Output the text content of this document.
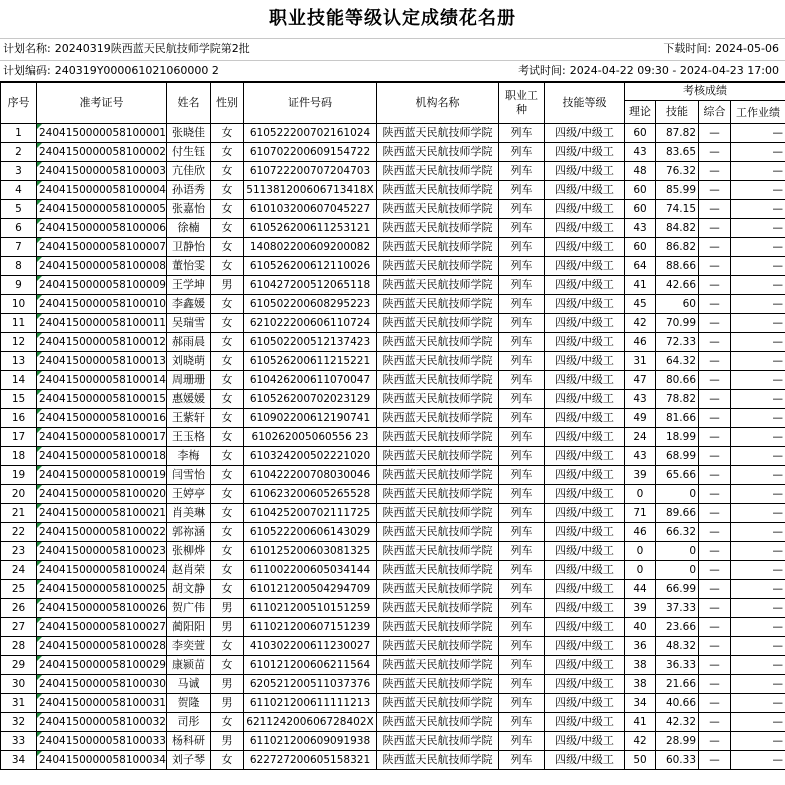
职业技能等级认定成绩花名册
计划名称: 20240319陕西蓝天民航技师学院第2批	下载时间: 2024-05-06
计划编码: 240319Y000061021060000 2	考试时间: 2024-04-22 09:30 - 2024-04-23 17:00
序号	准考证号	姓名	性别	证件号码	机构名称	职业工种	技能等级	考核成绩			
								理论	技能	综合	工作业绩
1	2404150000058100001	张晓佳	女	610522200702161024	陕西蓝天民航技师学院	列车	四级/中级工	60	87.82	—	—
2	2404150000058100002	付生钰	女	610702200609154722	陕西蓝天民航技师学院	列车	四级/中级工	43	83.65	—	—
3	2404150000058100003	亢佳欣	女	610722200707204703	陕西蓝天民航技师学院	列车	四级/中级工	48	76.32	—	—
4	2404150000058100004	孙语秀	女	511381200606713418X	陕西蓝天民航技师学院	列车	四级/中级工	60	85.99	—	—
5	2404150000058100005	张嘉怡	女	610103200607045227	陕西蓝天民航技师学院	列车	四级/中级工	60	74.15	—	—
6	2404150000058100006	徐楠	女	610526200611253121	陕西蓝天民航技师学院	列车	四级/中级工	43	84.82	—	—
7	2404150000058100007	卫静怡	女	140802200609200082	陕西蓝天民航技师学院	列车	四级/中级工	60	86.82	—	—
8	2404150000058100008	董怡雯	女	610526200612110026	陕西蓝天民航技师学院	列车	四级/中级工	64	88.66	—	—
9	2404150000058100009	王学坤	男	610427200512065118	陕西蓝天民航技师学院	列车	四级/中级工	41	42.66	—	—
10	2404150000058100010	李鑫媛	女	610502200608295223	陕西蓝天民航技师学院	列车	四级/中级工	45	60	—	—
11	2404150000058100011	吴瑞雪	女	621022200606110724	陕西蓝天民航技师学院	列车	四级/中级工	42	70.99	—	—
12	2404150000058100012	郝雨晨	女	610502200512137423	陕西蓝天民航技师学院	列车	四级/中级工	46	72.33	—	—
13	2404150000058100013	刘晓萌	女	610526200611215221	陕西蓝天民航技师学院	列车	四级/中级工	31	64.32	—	—
14	2404150000058100014	周珊珊	女	610426200611070047	陕西蓝天民航技师学院	列车	四级/中级工	47	80.66	—	—
15	2404150000058100015	惠媛媛	女	610526200702023129	陕西蓝天民航技师学院	列车	四级/中级工	43	78.82	—	—
16	2404150000058100016	王紫轩	女	610902200612190741	陕西蓝天民航技师学院	列车	四级/中级工	49	81.66	—	—
17	2404150000058100017	王玉格	女	610262005060556 23	陕西蓝天民航技师学院	列车	四级/中级工	24	18.99	—	—
18	2404150000058100018	李梅	女	610324200502221020	陕西蓝天民航技师学院	列车	四级/中级工	43	68.99	—	—
19	2404150000058100019	闫雪怡	女	610422200708030046	陕西蓝天民航技师学院	列车	四级/中级工	39	65.66	—	—
20	2404150000058100020	王婷亭	女	610623200605265528	陕西蓝天民航技师学院	列车	四级/中级工	0	0	—	—
21	2404150000058100021	肖美琳	女	610425200702111725	陕西蓝天民航技师学院	列车	四级/中级工	71	89.66	—	—
22	2404150000058100022	郭祢涵	女	610522200606143029	陕西蓝天民航技师学院	列车	四级/中级工	46	66.32	—	—
23	2404150000058100023	张柳烨	女	610125200603081325	陕西蓝天民航技师学院	列车	四级/中级工	0	0	—	—
24	2404150000058100024	赵肖荣	女	611002200605034144	陕西蓝天民航技师学院	列车	四级/中级工	0	0	—	—
25	2404150000058100025	胡文静	女	610121200504294709	陕西蓝天民航技师学院	列车	四级/中级工	44	66.99	—	—
26	2404150000058100026	贺广伟	男	611021200510151259	陕西蓝天民航技师学院	列车	四级/中级工	39	37.33	—	—
27	2404150000058100027	蔺阳阳	男	611021200607151239	陕西蓝天民航技师学院	列车	四级/中级工	40	23.66	—	—
28	2404150000058100028	李奕萱	女	410302200611230027	陕西蓝天民航技师学院	列车	四级/中级工	36	48.32	—	—
29	2404150000058100029	康颍苗	女	610121200606211564	陕西蓝天民航技师学院	列车	四级/中级工	38	36.33	—	—
30	2404150000058100030	马诚	男	620521200511037376	陕西蓝天民航技师学院	列车	四级/中级工	38	21.66	—	—
31	2404150000058100031	贺隆	男	611021200611111213	陕西蓝天民航技师学院	列车	四级/中级工	34	40.66	—	—
32	2404150000058100032	司彤	女	621124200606728402X	陕西蓝天民航技师学院	列车	四级/中级工	41	42.32	—	—
33	2404150000058100033	杨科研	男	611021200609091938	陕西蓝天民航技师学院	列车	四级/中级工	42	28.99	—	—
34	2404150000058100034	刘子琴	女	622727200605158321	陕西蓝天民航技师学院	列车	四级/中级工	50	60.33	—	—
